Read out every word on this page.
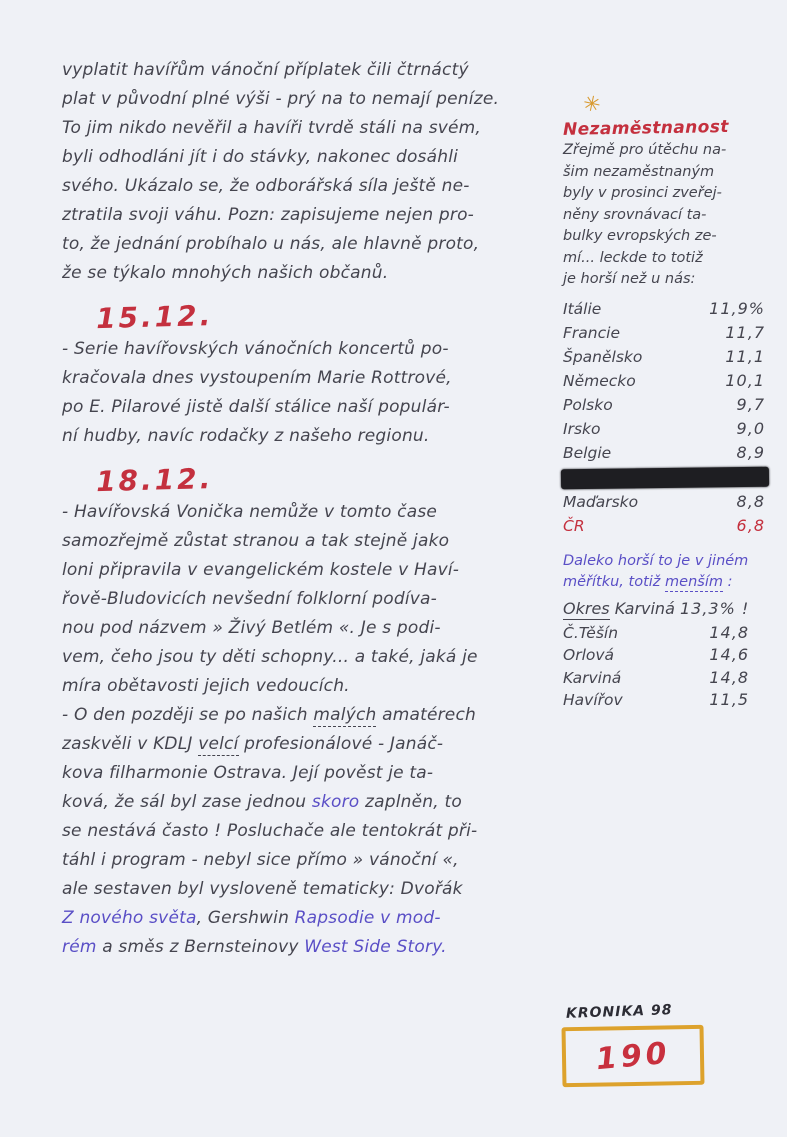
vyplatit havířům vánoční příplatek čili čtrnáctý
plat v původní plné výši - prý na to nemají peníze.
To jim nikdo nevěřil a havíři tvrdě stáli na svém,
byli odhodláni jít i do stávky, nakonec dosáhli
svého. Ukázalo se, že odborářská síla ještě ne-
ztratila svoji váhu. Pozn: zapisujeme nejen pro-
to, že jednání probíhalo u nás, ale hlavně proto,
že se týkalo mnohých našich občanů.
15.12.
- Serie havířovských vánočních koncertů po-
kračovala dnes vystoupením Marie Rottrové,
po E. Pilarové jistě další stálice naší populár-
ní hudby, navíc rodačky z našeho regionu.
18.12.
- Havířovská Vonička nemůže v tomto čase
samozřejmě zůstat stranou a tak stejně jako
loni připravila v evangelickém kostele v Haví-
řově-Bludovicích nevšední folklorní podíva-
nou pod názvem » Živý Betlém «. Je s podi-
vem, čeho jsou ty děti schopny... a také, jaká je
míra obětavosti jejich vedoucích.
- O den později se po našich malých amatérech
zaskvěli v KDLJ velcí profesionálové - Janáč-
kova filharmonie Ostrava. Její pověst je ta-
ková, že sál byl zase jednou skoro zaplněn, to
se nestává často ! Posluchače ale tentokrát při-
táhl i program - nebyl sice přímo » vánoční «,
ale sestaven byl vysloveně tematicky: Dvořák
Z nového světa, Gershwin Rapsodie v mod-
rém a směs z Bernsteinovy West Side Story.
✳
Nezaměstnanost
Zřejmě pro útěchu na-
šim nezaměstnaným
byly v prosinci zveřej-
něny srovnávací ta-
bulky evropských ze-
mí... leckde to totiž
je horší než u nás:
Itálie	11,9%
Francie	11,7
Španělsko	11,1
Německo	10,1
Polsko	9,7
Irsko	9,0
Belgie	8,9
Maďarsko	8,8
ČR	6,8
Daleko horší to je v jiném
měřítku, totiž menším :
Okres Karviná 13,3% !
Č.Těšín	14,8
Orlová	14,6
Karviná	14,8
Havířov	11,5
KRONIKA 98
190
